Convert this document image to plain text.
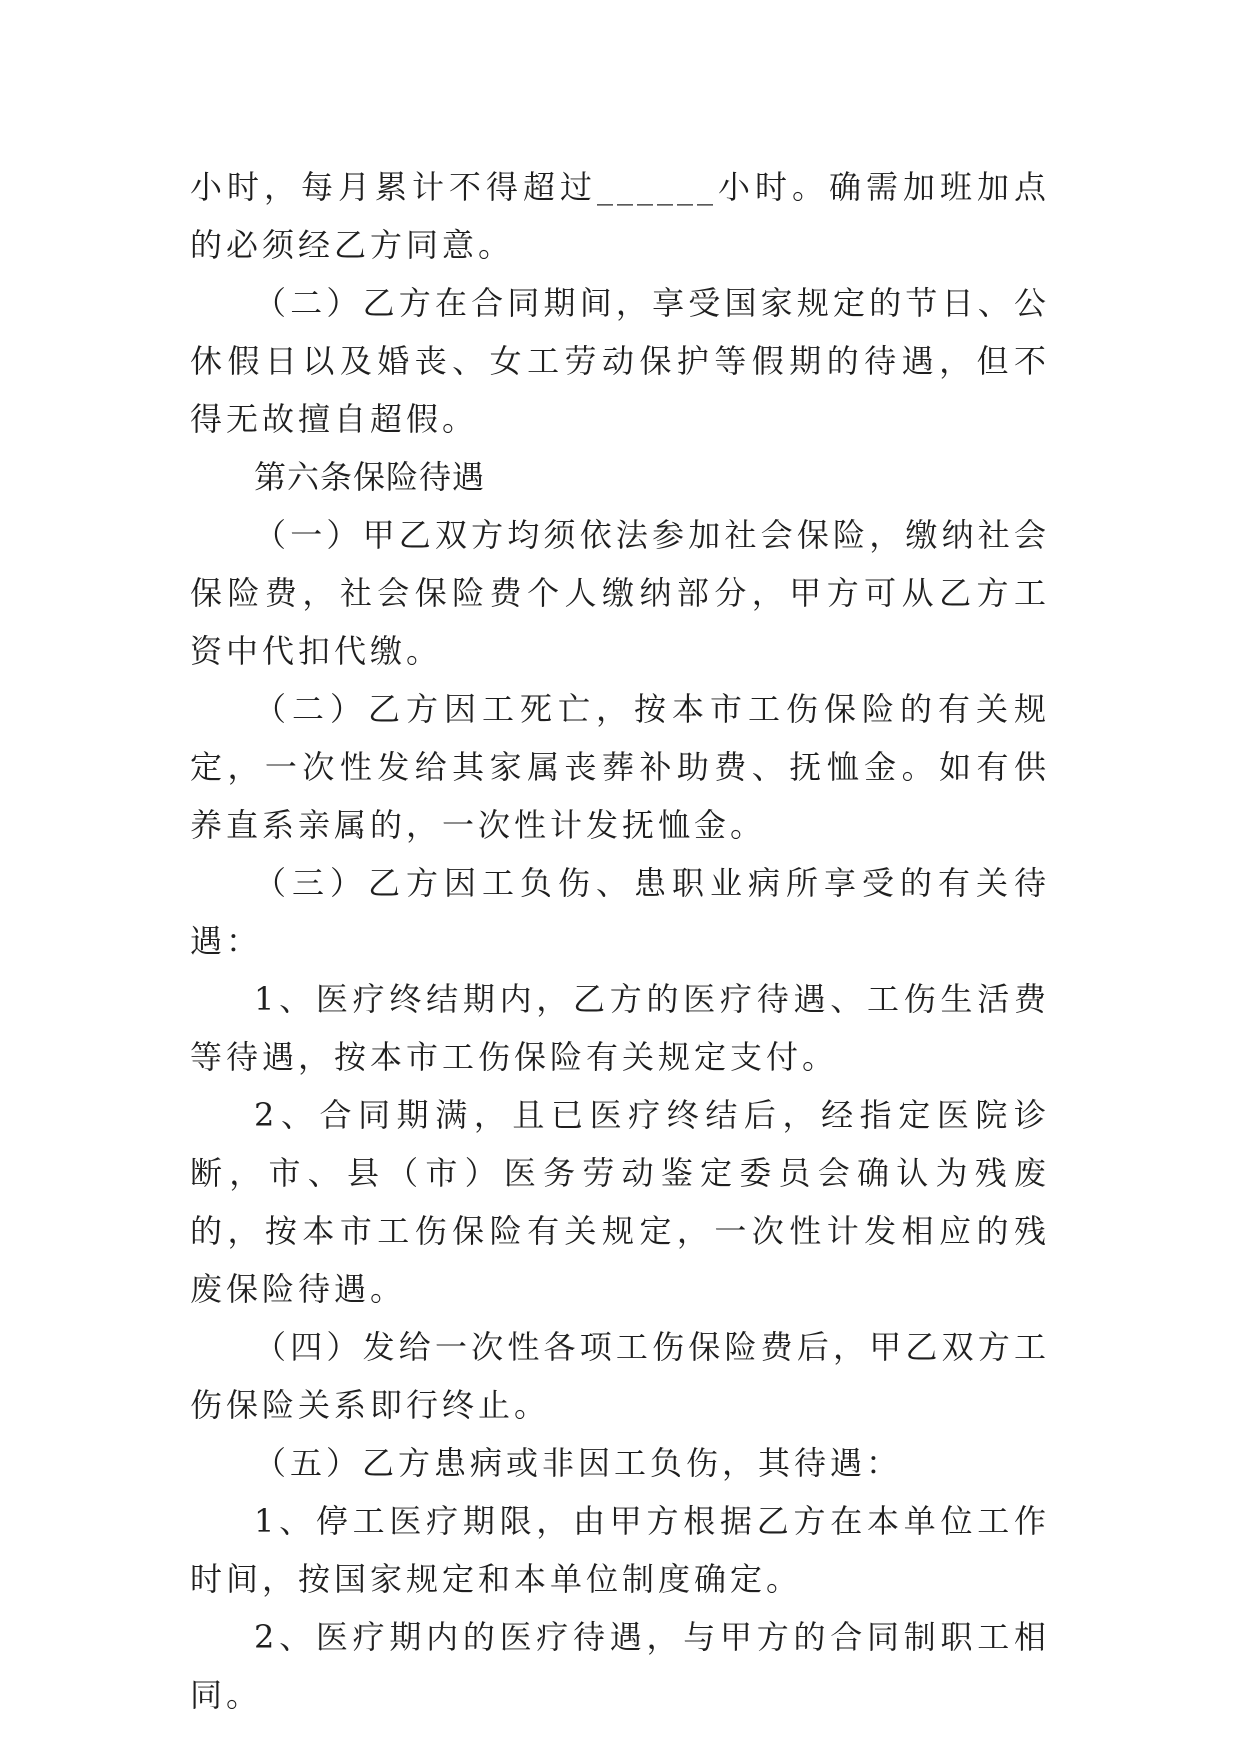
小时，每月累计不得超过______小时。确需加班加点的必须经乙方同意。

（二）乙方在合同期间，享受国家规定的节日、公休假日以及婚丧、女工劳动保护等假期的待遇，但不得无故擅自超假。

第六条保险待遇

（一）甲乙双方均须依法参加社会保险，缴纳社会保险费，社会保险费个人缴纳部分，甲方可从乙方工资中代扣代缴。

（二）乙方因工死亡，按本市工伤保险的有关规定，一次性发给其家属丧葬补助费、抚恤金。如有供养直系亲属的，一次性计发抚恤金。

（三）乙方因工负伤、患职业病所享受的有关待遇：

1、医疗终结期内，乙方的医疗待遇、工伤生活费等待遇，按本市工伤保险有关规定支付。

2、合同期满，且已医疗终结后，经指定医院诊断，市、县（市）医务劳动鉴定委员会确认为残废的，按本市工伤保险有关规定，一次性计发相应的残废保险待遇。

（四）发给一次性各项工伤保险费后，甲乙双方工伤保险关系即行终止。

（五）乙方患病或非因工负伤，其待遇：

1、停工医疗期限，由甲方根据乙方在本单位工作时间，按国家规定和本单位制度确定。

2、医疗期内的医疗待遇，与甲方的合同制职工相同。
